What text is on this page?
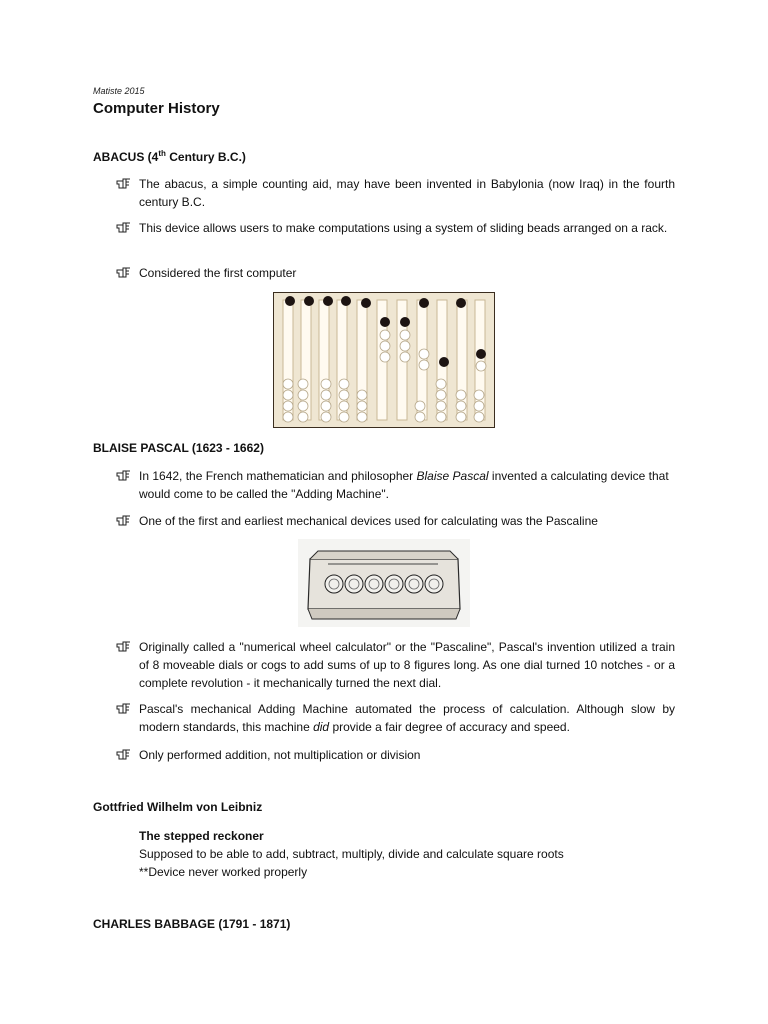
Matiste 2015
Computer History
ABACUS (4th Century B.C.)
The abacus, a simple counting aid, may have been invented in Babylonia (now Iraq) in the fourth century B.C.
This device allows users to make computations using a system of sliding beads arranged on a rack.
Considered the first computer
BLAISE PASCAL (1623 - 1662)
In 1642, the French mathematician and philosopher Blaise Pascal invented a calculating device that would come to be called the "Adding Machine".
One of the first and earliest mechanical devices used for calculating was the Pascaline
Originally called a "numerical wheel calculator" or the "Pascaline", Pascal's invention utilized a train of 8 moveable dials or cogs to add sums of up to 8 figures long. As one dial turned 10 notches - or a complete revolution - it mechanically turned the next dial.
Pascal's mechanical Adding Machine automated the process of calculation. Although slow by modern standards, this machine did provide a fair degree of accuracy and speed.
Only performed addition, not multiplication or division
Gottfried Wilhelm von Leibniz
The stepped reckoner
Supposed to be able to add, subtract, multiply, divide and calculate square roots
**Device never worked properly
CHARLES BABBAGE (1791 - 1871)
